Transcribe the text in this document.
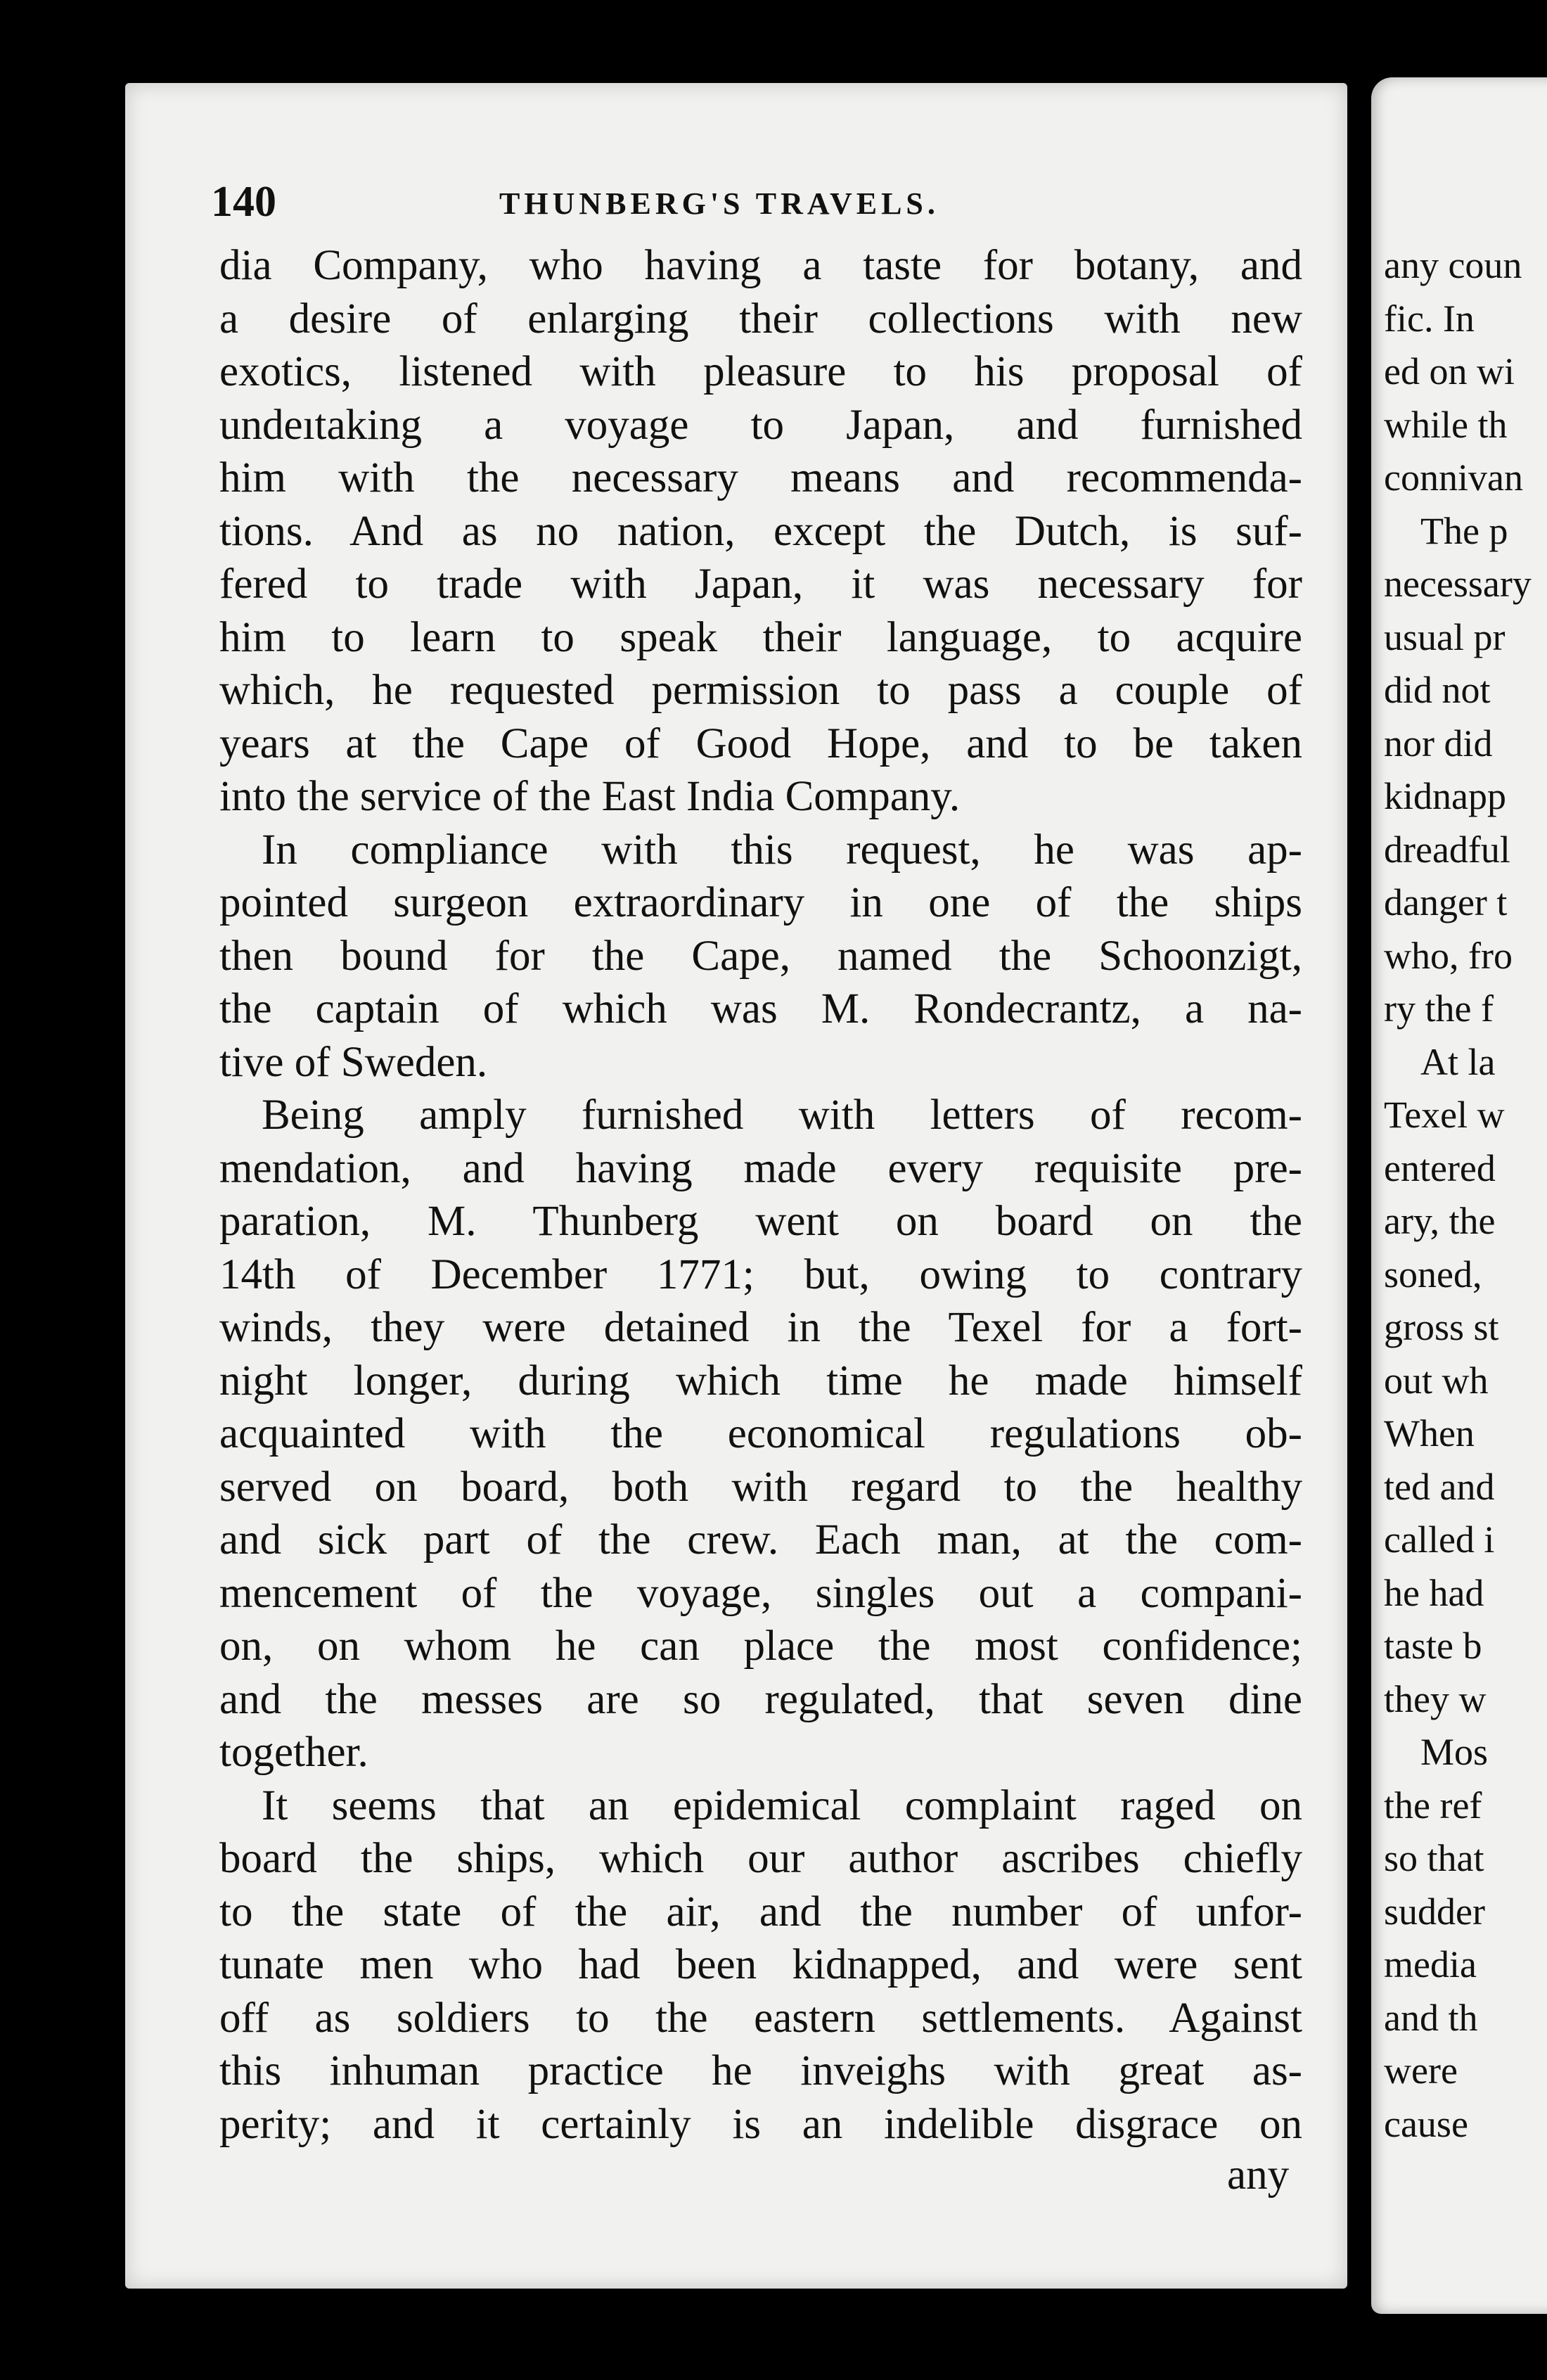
140	THUNBERG'S TRAVELS.
dia Company, who having a taste for botany, and
a desire of enlarging their collections with new
exotics, listened with pleasure to his proposal of
undeıtaking a voyage to Japan, and furnished
him with the necessary means and recommenda-
tions. And as no nation, except the Dutch, is suf-
fered to trade with Japan, it was necessary for
him to learn to speak their language, to acquire
which, he requested permission to pass a couple of
years at the Cape of Good Hope, and to be taken
into the service of the East India Company.
In compliance with this request, he was ap-
pointed surgeon extraordinary in one of the ships
then bound for the Cape, named the Schoonzigt,
the captain of which was M. Rondecrantz, a na-
tive of Sweden.
Being amply furnished with letters of recom-
mendation, and having made every requisite pre-
paration, M. Thunberg went on board on the
14th of December 1771; but, owing to contrary
winds, they were detained in the Texel for a fort-
night longer, during which time he made himself
acquainted with the economical regulations ob-
served on board, both with regard to the healthy
and sick part of the crew. Each man, at the com-
mencement of the voyage, singles out a compani-
on, on whom he can place the most confidence;
and the messes are so regulated, that seven dine
together.
It seems that an epidemical complaint raged on
board the ships, which our author ascribes chiefly
to the state of the air, and the number of unfor-
tunate men who had been kidnapped, and were sent
off as soldiers to the eastern settlements. Against
this inhuman practice he inveighs with great as-
perity; and it certainly is an indelible disgrace on
any
any coun
fic. In
ed on wi
while th
connivan
The p
necessary
usual pr
did not
nor did
kidnapp
dreadful
danger t
who, fro
ry the f
At la
Texel w
entered
ary, the
soned,
gross st
out wh
When
ted and
called i
he had
taste b
they w
Mos
the ref
so that
sudder
media
and th
were
cause
